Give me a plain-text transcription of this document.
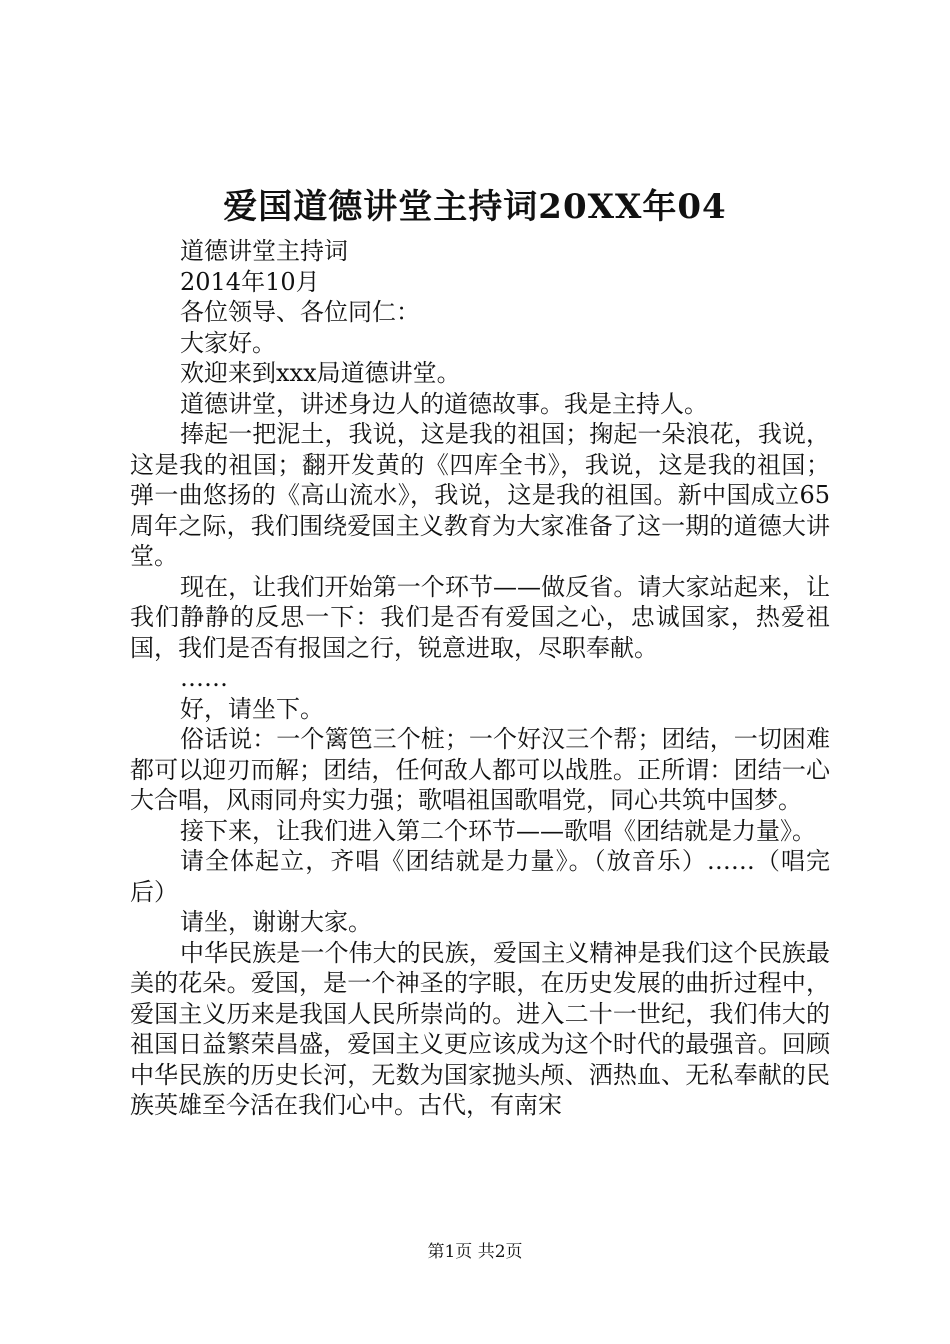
爱国道德讲堂主持词20XX年04

道德讲堂主持词

2014年10月

各位领导、各位同仁：

大家好。

欢迎来到xxx局道德讲堂。

道德讲堂，讲述身边人的道德故事。我是主持人。

捧起一把泥土，我说，这是我的祖国；掬起一朵浪花，我说，这是我的祖国；翻开发黄的《四库全书》，我说，这是我的祖国；弹一曲悠扬的《高山流水》，我说，这是我的祖国。新中国成立65周年之际，我们围绕爱国主义教育为大家准备了这一期的道德大讲堂。

现在，让我们开始第一个环节——做反省。请大家站起来，让我们静静的反思一下：我们是否有爱国之心，忠诚国家，热爱祖国，我们是否有报国之行，锐意进取，尽职奉献。

……

好，请坐下。

俗话说：一个篱笆三个桩；一个好汉三个帮；团结，一切困难都可以迎刃而解；团结，任何敌人都可以战胜。正所谓：团结一心大合唱，风雨同舟实力强；歌唱祖国歌唱党，同心共筑中国梦。

接下来，让我们进入第二个环节——歌唱《团结就是力量》。

请全体起立，齐唱《团结就是力量》。（放音乐）……（唱完后）

请坐，谢谢大家。

中华民族是一个伟大的民族，爱国主义精神是我们这个民族最美的花朵。爱国，是一个神圣的字眼，在历史发展的曲折过程中，爱国主义历来是我国人民所崇尚的。进入二十一世纪，我们伟大的祖国日益繁荣昌盛，爱国主义更应该成为这个时代的最强音。回顾中华民族的历史长河，无数为国家抛头颅、洒热血、无私奉献的民族英雄至今活在我们心中。古代，有南宋

第1页 共2页
